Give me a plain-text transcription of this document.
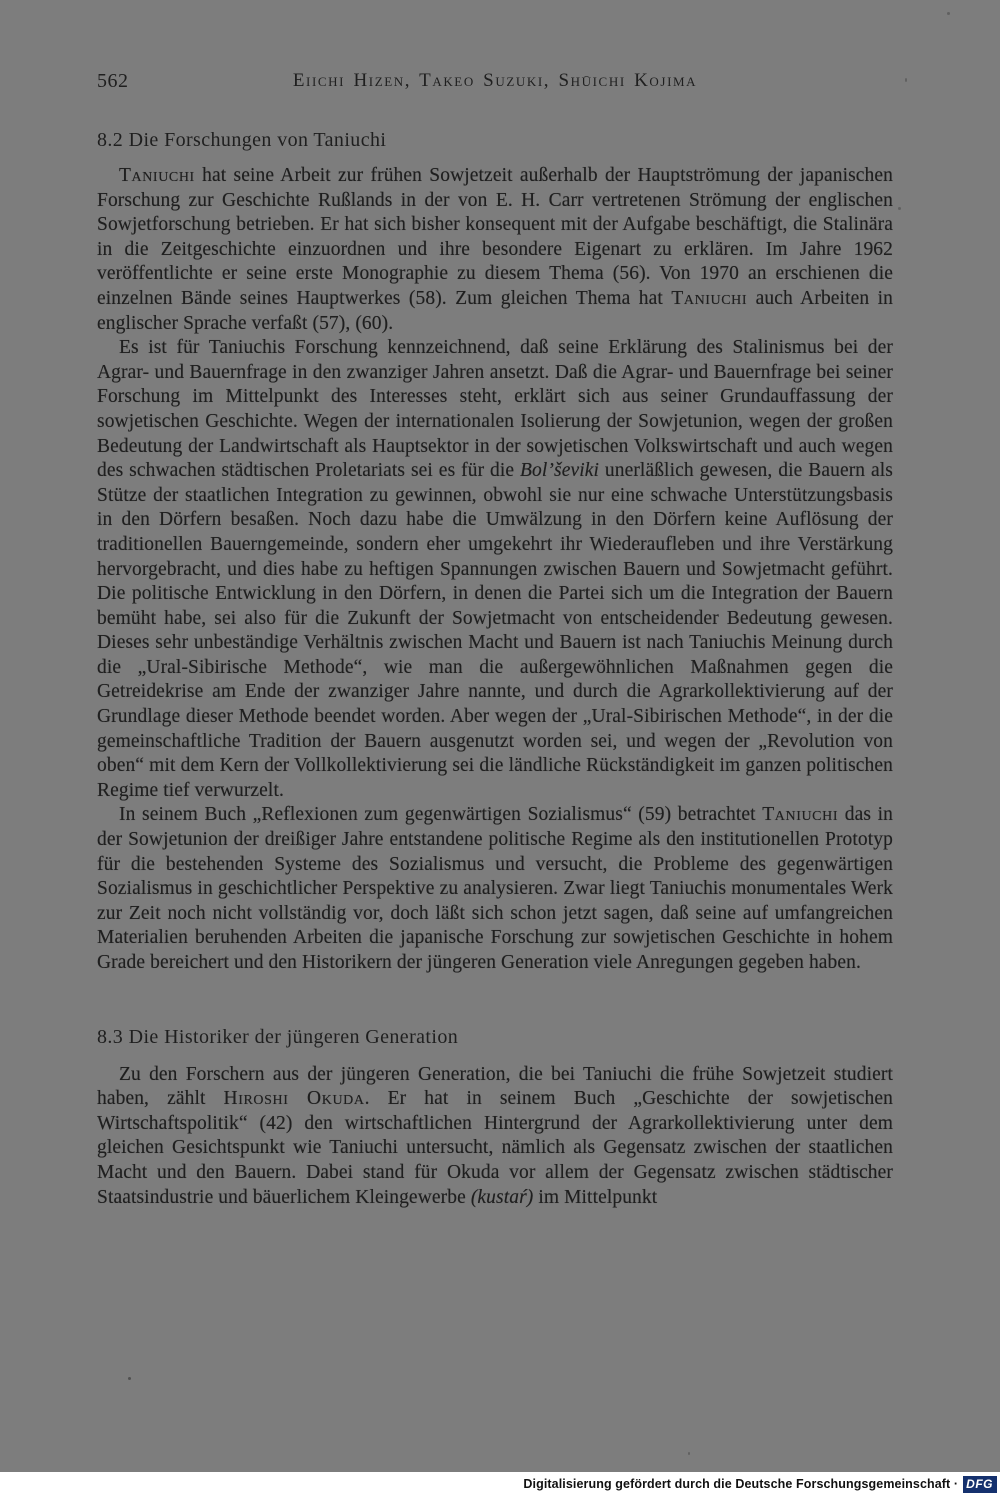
562	Eiichi Hizen, Takeo Suzuki, Shūichi Kojima
8.2 Die Forschungen von Taniuchi

Taniuchi hat seine Arbeit zur frühen Sowjetzeit außerhalb der Hauptströmung der japanischen Forschung zur Geschichte Rußlands in der von E. H. Carr vertretenen Strömung der englischen Sowjetforschung betrieben. Er hat sich bisher konsequent mit der Aufgabe beschäftigt, die Stalinära in die Zeitgeschichte einzuordnen und ihre besondere Eigenart zu erklären. Im Jahre 1962 veröffentlichte er seine erste Monographie zu diesem Thema (56). Von 1970 an erschienen die einzelnen Bände seines Hauptwerkes (58). Zum gleichen Thema hat Taniuchi auch Arbeiten in englischer Sprache verfaßt (57), (60).

Es ist für Taniuchis Forschung kennzeichnend, daß seine Erklärung des Stalinismus bei der Agrar- und Bauernfrage in den zwanziger Jahren ansetzt. Daß die Agrar- und Bauernfrage bei seiner Forschung im Mittelpunkt des Interesses steht, erklärt sich aus seiner Grundauffassung der sowjetischen Geschichte. Wegen der internationalen Isolierung der Sowjetunion, wegen der großen Bedeutung der Landwirtschaft als Hauptsektor in der sowjetischen Volkswirtschaft und auch wegen des schwachen städtischen Proletariats sei es für die Bol’ševiki unerläßlich gewesen, die Bauern als Stütze der staatlichen Integration zu gewinnen, obwohl sie nur eine schwache Unterstützungsbasis in den Dörfern besaßen. Noch dazu habe die Umwälzung in den Dörfern keine Auflösung der traditionellen Bauerngemeinde, sondern eher umgekehrt ihr Wiederaufleben und ihre Verstärkung hervorgebracht, und dies habe zu heftigen Spannungen zwischen Bauern und Sowjetmacht geführt. Die politische Entwicklung in den Dörfern, in denen die Partei sich um die Integration der Bauern bemüht habe, sei also für die Zukunft der Sowjetmacht von entscheidender Bedeutung gewesen. Dieses sehr unbeständige Verhältnis zwischen Macht und Bauern ist nach Taniuchis Meinung durch die „Ural-Sibirische Methode“, wie man die außergewöhnlichen Maßnahmen gegen die Getreidekrise am Ende der zwanziger Jahre nannte, und durch die Agrarkollektivierung auf der Grundlage dieser Methode beendet worden. Aber wegen der „Ural-Sibirischen Methode“, in der die gemeinschaftliche Tradition der Bauern ausgenutzt worden sei, und wegen der „Revolution von oben“ mit dem Kern der Vollkollektivierung sei die ländliche Rückständigkeit im ganzen politischen Regime tief verwurzelt.

In seinem Buch „Reflexionen zum gegenwärtigen Sozialismus“ (59) betrachtet Taniuchi das in der Sowjetunion der dreißiger Jahre entstandene politische Regime als den institutionellen Prototyp für die bestehenden Systeme des Sozialismus und versucht, die Probleme des gegenwärtigen Sozialismus in geschichtlicher Perspektive zu analysieren. Zwar liegt Taniuchis monumentales Werk zur Zeit noch nicht vollständig vor, doch läßt sich schon jetzt sagen, daß seine auf umfangreichen Materialien beruhenden Arbeiten die japanische Forschung zur sowjetischen Geschichte in hohem Grade bereichert und den Historikern der jüngeren Generation viele Anregungen gegeben haben.

8.3 Die Historiker der jüngeren Generation

Zu den Forschern aus der jüngeren Generation, die bei Taniuchi die frühe Sowjetzeit studiert haben, zählt Hiroshi Okuda. Er hat in seinem Buch „Geschichte der sowjetischen Wirtschaftspolitik“ (42) den wirtschaftlichen Hintergrund der Agrarkollektivierung unter dem gleichen Gesichtspunkt wie Taniuchi untersucht, nämlich als Gegensatz zwischen der staatlichen Macht und den Bauern. Dabei stand für Okuda vor allem der Gegensatz zwischen städtischer Staatsindustrie und bäuerlichem Kleingewerbe (kustaŕ) im Mittelpunkt

Digitalisierung gefördert durch die Deutsche Forschungsgemeinschaft · DFG
